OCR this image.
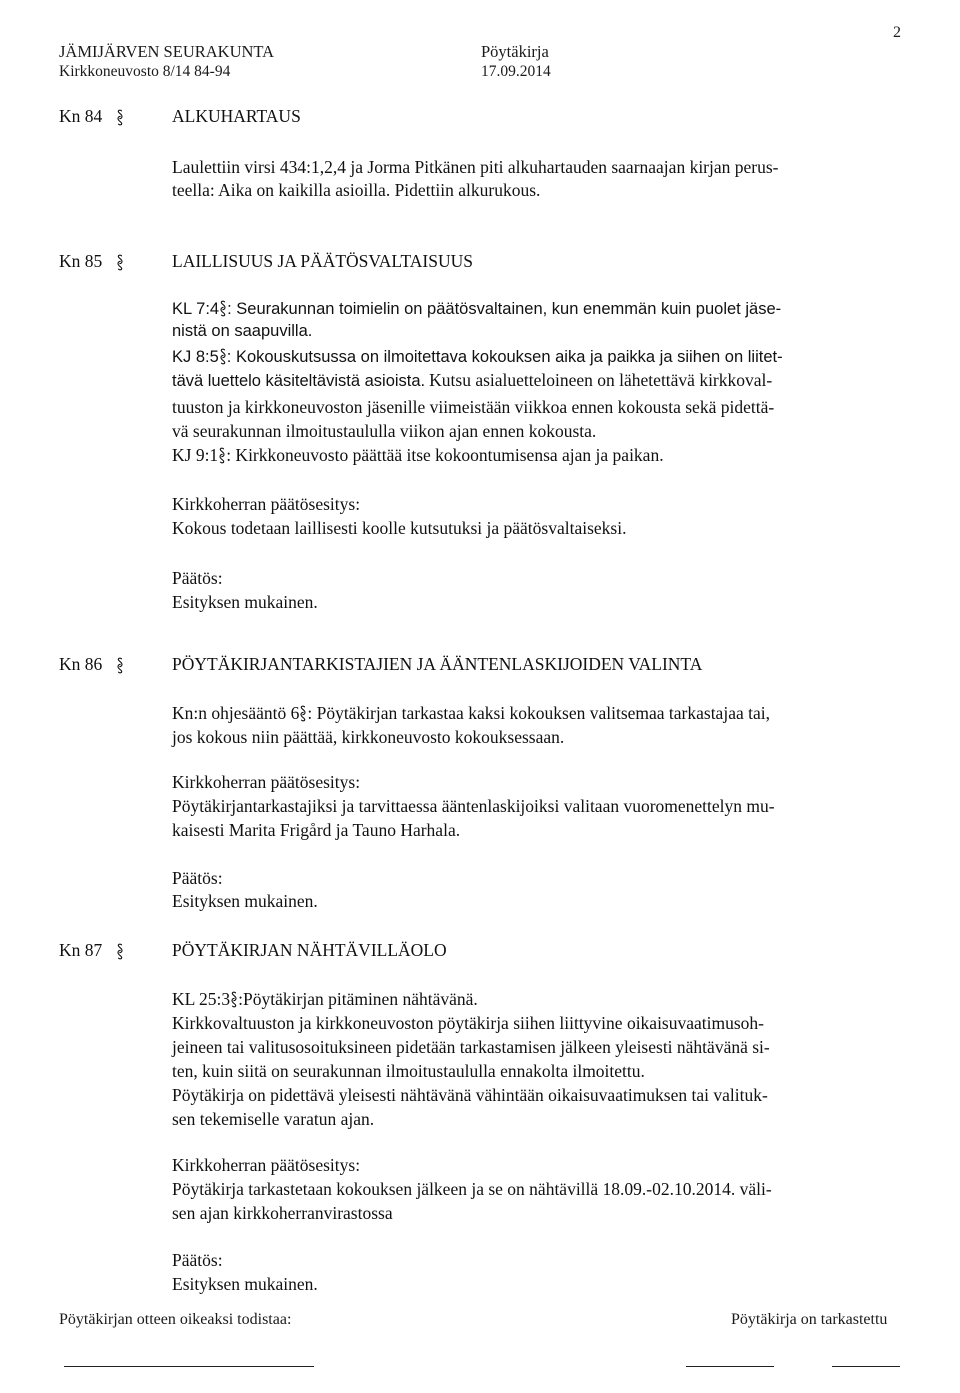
2
JÄMIJÄRVEN SEURAKUNTA
Kirkkoneuvosto 8/14 84-94
Pöytäkirja
17.09.2014
Kn 84	ALKUHARTAUS
Laulettiin virsi 434:1,2,4 ja Jorma Pitkänen piti alkuhartauden saarnaajan kirjan perus-
teella: Aika on kaikilla asioilla. Pidettiin alkurukous.
Kn 85	LAILLISUUS JA PÄÄTÖSVALTAISUUS
KL 7:4 : Seurakunnan toimielin on päätösvaltainen, kun enemmän kuin puolet jäse-
nistä on saapuvilla.
KJ 8:5 : Kokouskutsussa on ilmoitettava kokouksen aika ja paikka ja siihen on liitet-
tävä luettelo käsiteltävistä asioista. Kutsu asialuetteloineen on lähetettävä kirkkoval-
tuuston ja kirkkoneuvoston jäsenille viimeistään viikkoa ennen kokousta sekä pidettä-
vä seurakunnan ilmoitustaululla viikon ajan ennen kokousta.
KJ 9:1 : Kirkkoneuvosto päättää itse kokoontumisensa ajan ja paikan.
Kirkkoherran päätösesitys:
Kokous todetaan laillisesti koolle kutsutuksi ja päätösvaltaiseksi.
Päätös:
Esityksen mukainen.
Kn 86	PÖYTÄKIRJANTARKISTAJIEN JA ÄÄNTENLASKIJOIDEN VALINTA
Kn:n ohjesääntö 6 : Pöytäkirjan tarkastaa kaksi kokouksen valitsemaa tarkastajaa tai,
jos kokous niin päättää, kirkkoneuvosto kokouksessaan.
Kirkkoherran päätösesitys:
Pöytäkirjantarkastajiksi ja tarvittaessa ääntenlaskijoiksi valitaan vuoromenettelyn mu-
kaisesti Marita Frigård ja Tauno Harhala.
Päätös:
Esityksen mukainen.
Kn 87	PÖYTÄKIRJAN NÄHTÄVILLÄOLO
KL 25:3 :Pöytäkirjan pitäminen nähtävänä.
Kirkkovaltuuston ja kirkkoneuvoston pöytäkirja siihen liittyvine oikaisuvaatimusoh-
jeineen tai valitusosoituksineen pidetään tarkastamisen jälkeen yleisesti nähtävänä si-
ten, kuin siitä on seurakunnan ilmoitustaululla ennakolta ilmoitettu.
Pöytäkirja on pidettävä yleisesti nähtävänä vähintään oikaisuvaatimuksen tai valituk-
sen tekemiselle varatun ajan.
Kirkkoherran päätösesitys:
Pöytäkirja tarkastetaan kokouksen jälkeen ja se on nähtävillä 18.09.-02.10.2014. väli-
sen ajan kirkkoherranvirastossa
Päätös:
Esityksen mukainen.
Pöytäkirjan otteen oikeaksi todistaa:	Pöytäkirja on tarkastettu
